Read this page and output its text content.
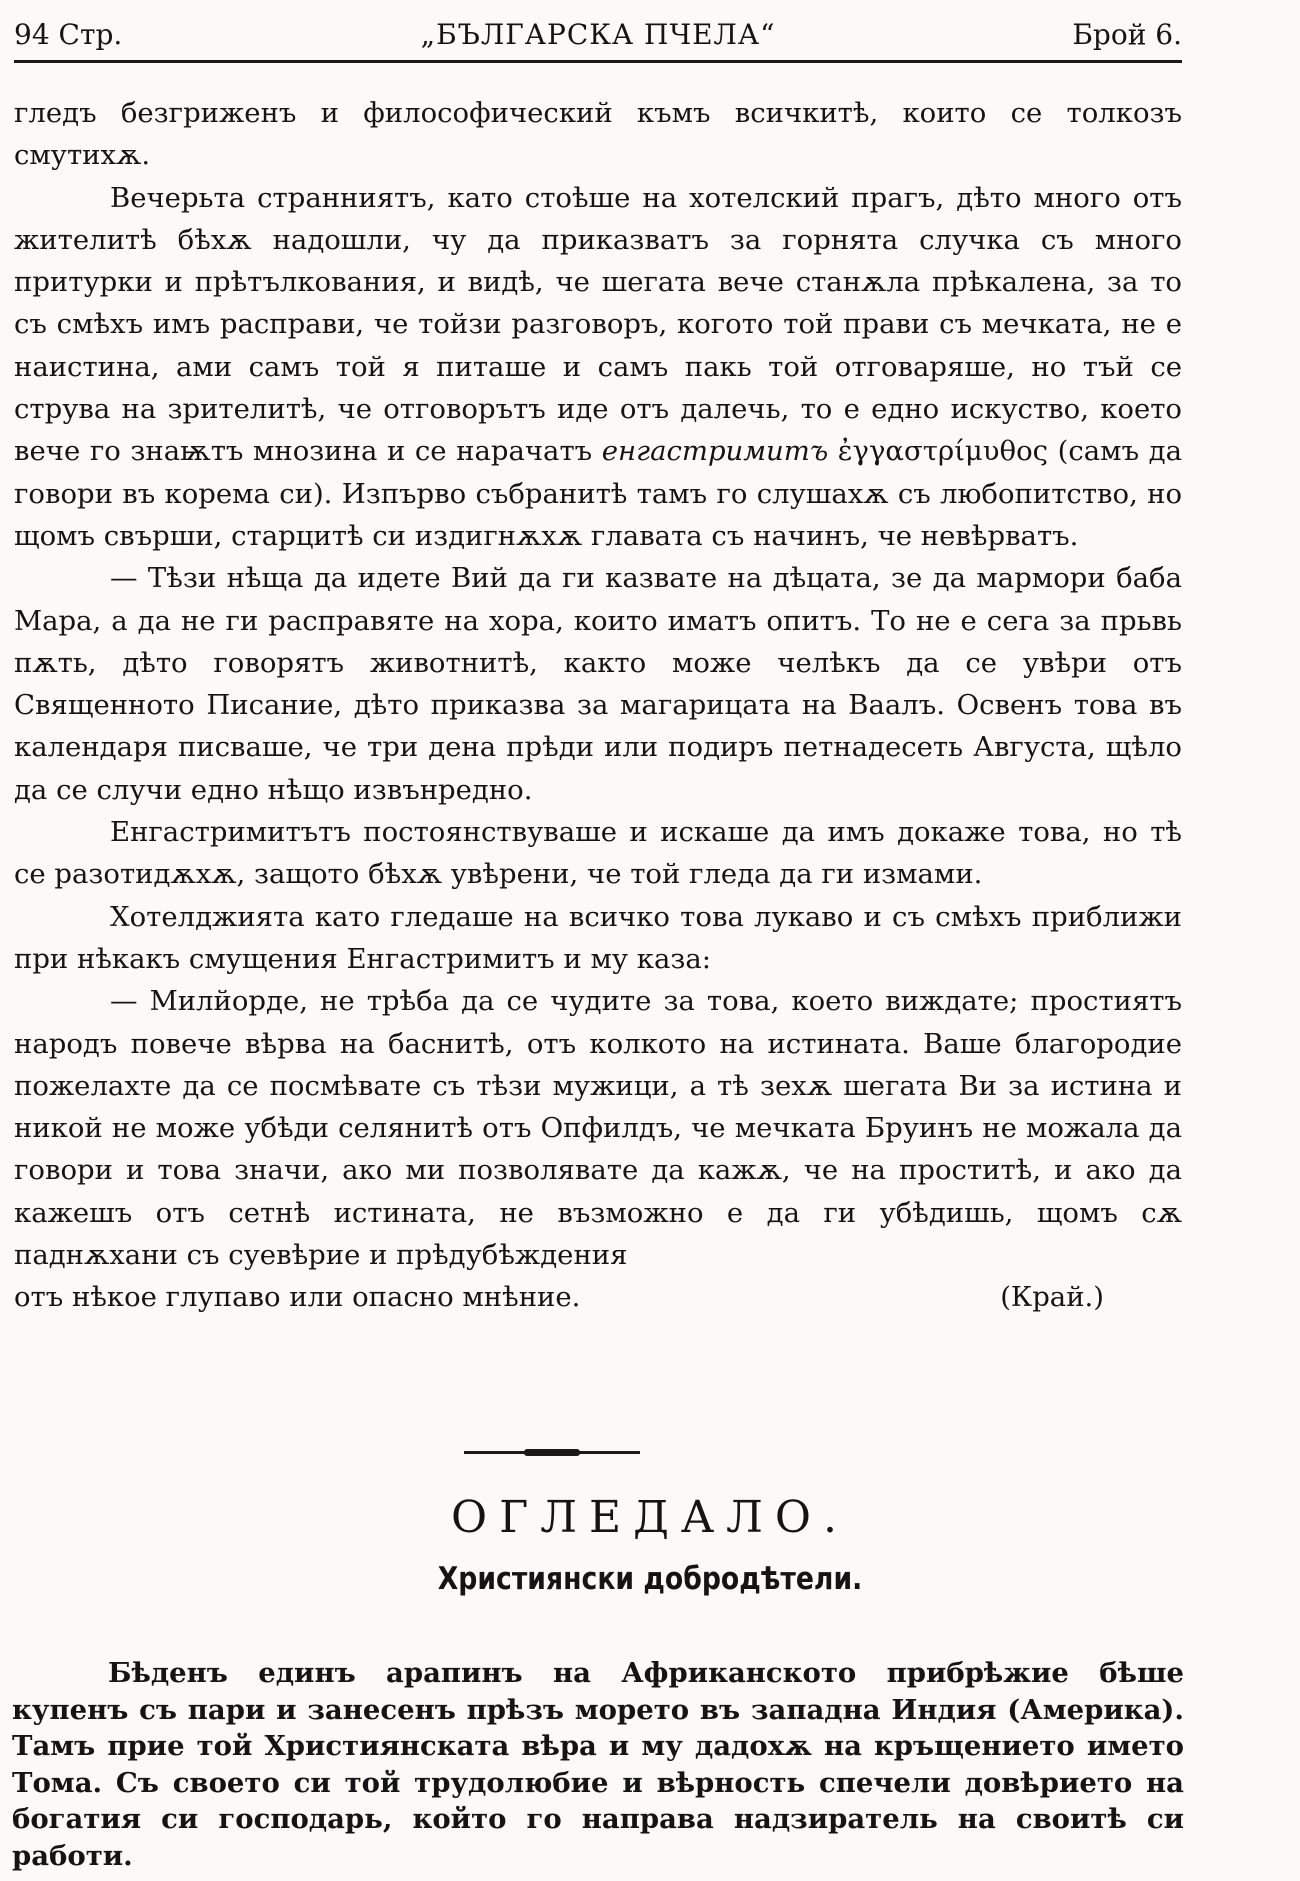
94 Стр.	„БЪЛГАРСКА ПЧЕЛА“	Брой 6.

глeдъ безгриженъ и философический къмъ всичкитѣ, които се толкозъ смутихѫ.

Вечерьта странниятъ, като стоѣше на хотелский прагъ, дѣто много отъ жителитѣ бѣхѫ надошли, чу да приказватъ за горнята случка съ много притурки и прѣтълкования, и видѣ, че шегата вече станѫла прѣкалена, за то съ смѣхъ имъ расправи, че тойзи разговоръ, когото той прави съ мечката, не е наистина, ами самъ той я питаше и самъ пакь той отговаряше, но тъй се струва на зрителитѣ, че отговорътъ иде отъ далечь, то е едно искуство, което вече го знаѭтъ мнозина и се нарачатъ енгастримитъ ἐγγαστρίμυθος (самъ да говори въ корема си). Изпърво събранитѣ тамъ го слушахѫ съ любопитство, но щомъ свърши, старцитѣ си издигнѫхѫ главата съ начинъ, че невѣрватъ.

— Тѣзи нѣща да идете Вий да ги казвате на дѣцата, зе да мармори баба Мара, а да не ги расправяте на хора, които иматъ опитъ. То не е сега за прьвь пѫть, дѣто говорятъ животнитѣ, както може челѣкъ да се увѣри отъ Священното Писание, дѣто приказва за магарицата на Ваалъ. Освенъ това въ календаря писваше, че три дена прѣди или подиръ петнадесеть Августа, щѣло да се случи едно нѣщо извънредно.

Енгастримитътъ постоянствуваше и искаше да имъ докаже това, но тѣ се разотидѫхѫ, защото бѣхѫ увѣрени, че той гледа да ги измами.

Хотелджията като гледаше на всичко това лукаво и съ смѣхъ приближи при нѣкакъ смущения Енгастримитъ и му каза:

— Милйорде, не трѣба да се чудите за това, което виждате; простиятъ народъ повече вѣрва на баснитѣ, отъ колкото на истината. Ваше благородие пожелахте да се посмѣвате съ тѣзи мужици, а тѣ зехѫ шегата Ви за истина и никой не може убѣди селянитѣ отъ Опфилдъ, че мечката Бруинъ не можала да говори и това значи, ако ми позволявате да кажѫ, че на проститѣ, и ако да кажешъ отъ сетнѣ истината, не възможно е да ги убѣдишь, щомъ сѫ паднѫхани съ суевѣрие и прѣдубѣждения

отъ нѣкое глупаво или опасно мнѣние.	(Край.)

ОГЛЕДАЛО.
Християнски добродѣтели.

Бѣденъ единъ арапинъ на Африканското прибрѣжие бѣше купенъ съ пари и занесенъ прѣзъ морето въ западна Индия (Америка). Тамъ прие той Християнската вѣра и му дадохѫ на кръщението името Тома. Съ своето си той трудолюбие и вѣрность спечели довѣрието на богатия си господарь, който го направа надзиратель на своитѣ си работи.
